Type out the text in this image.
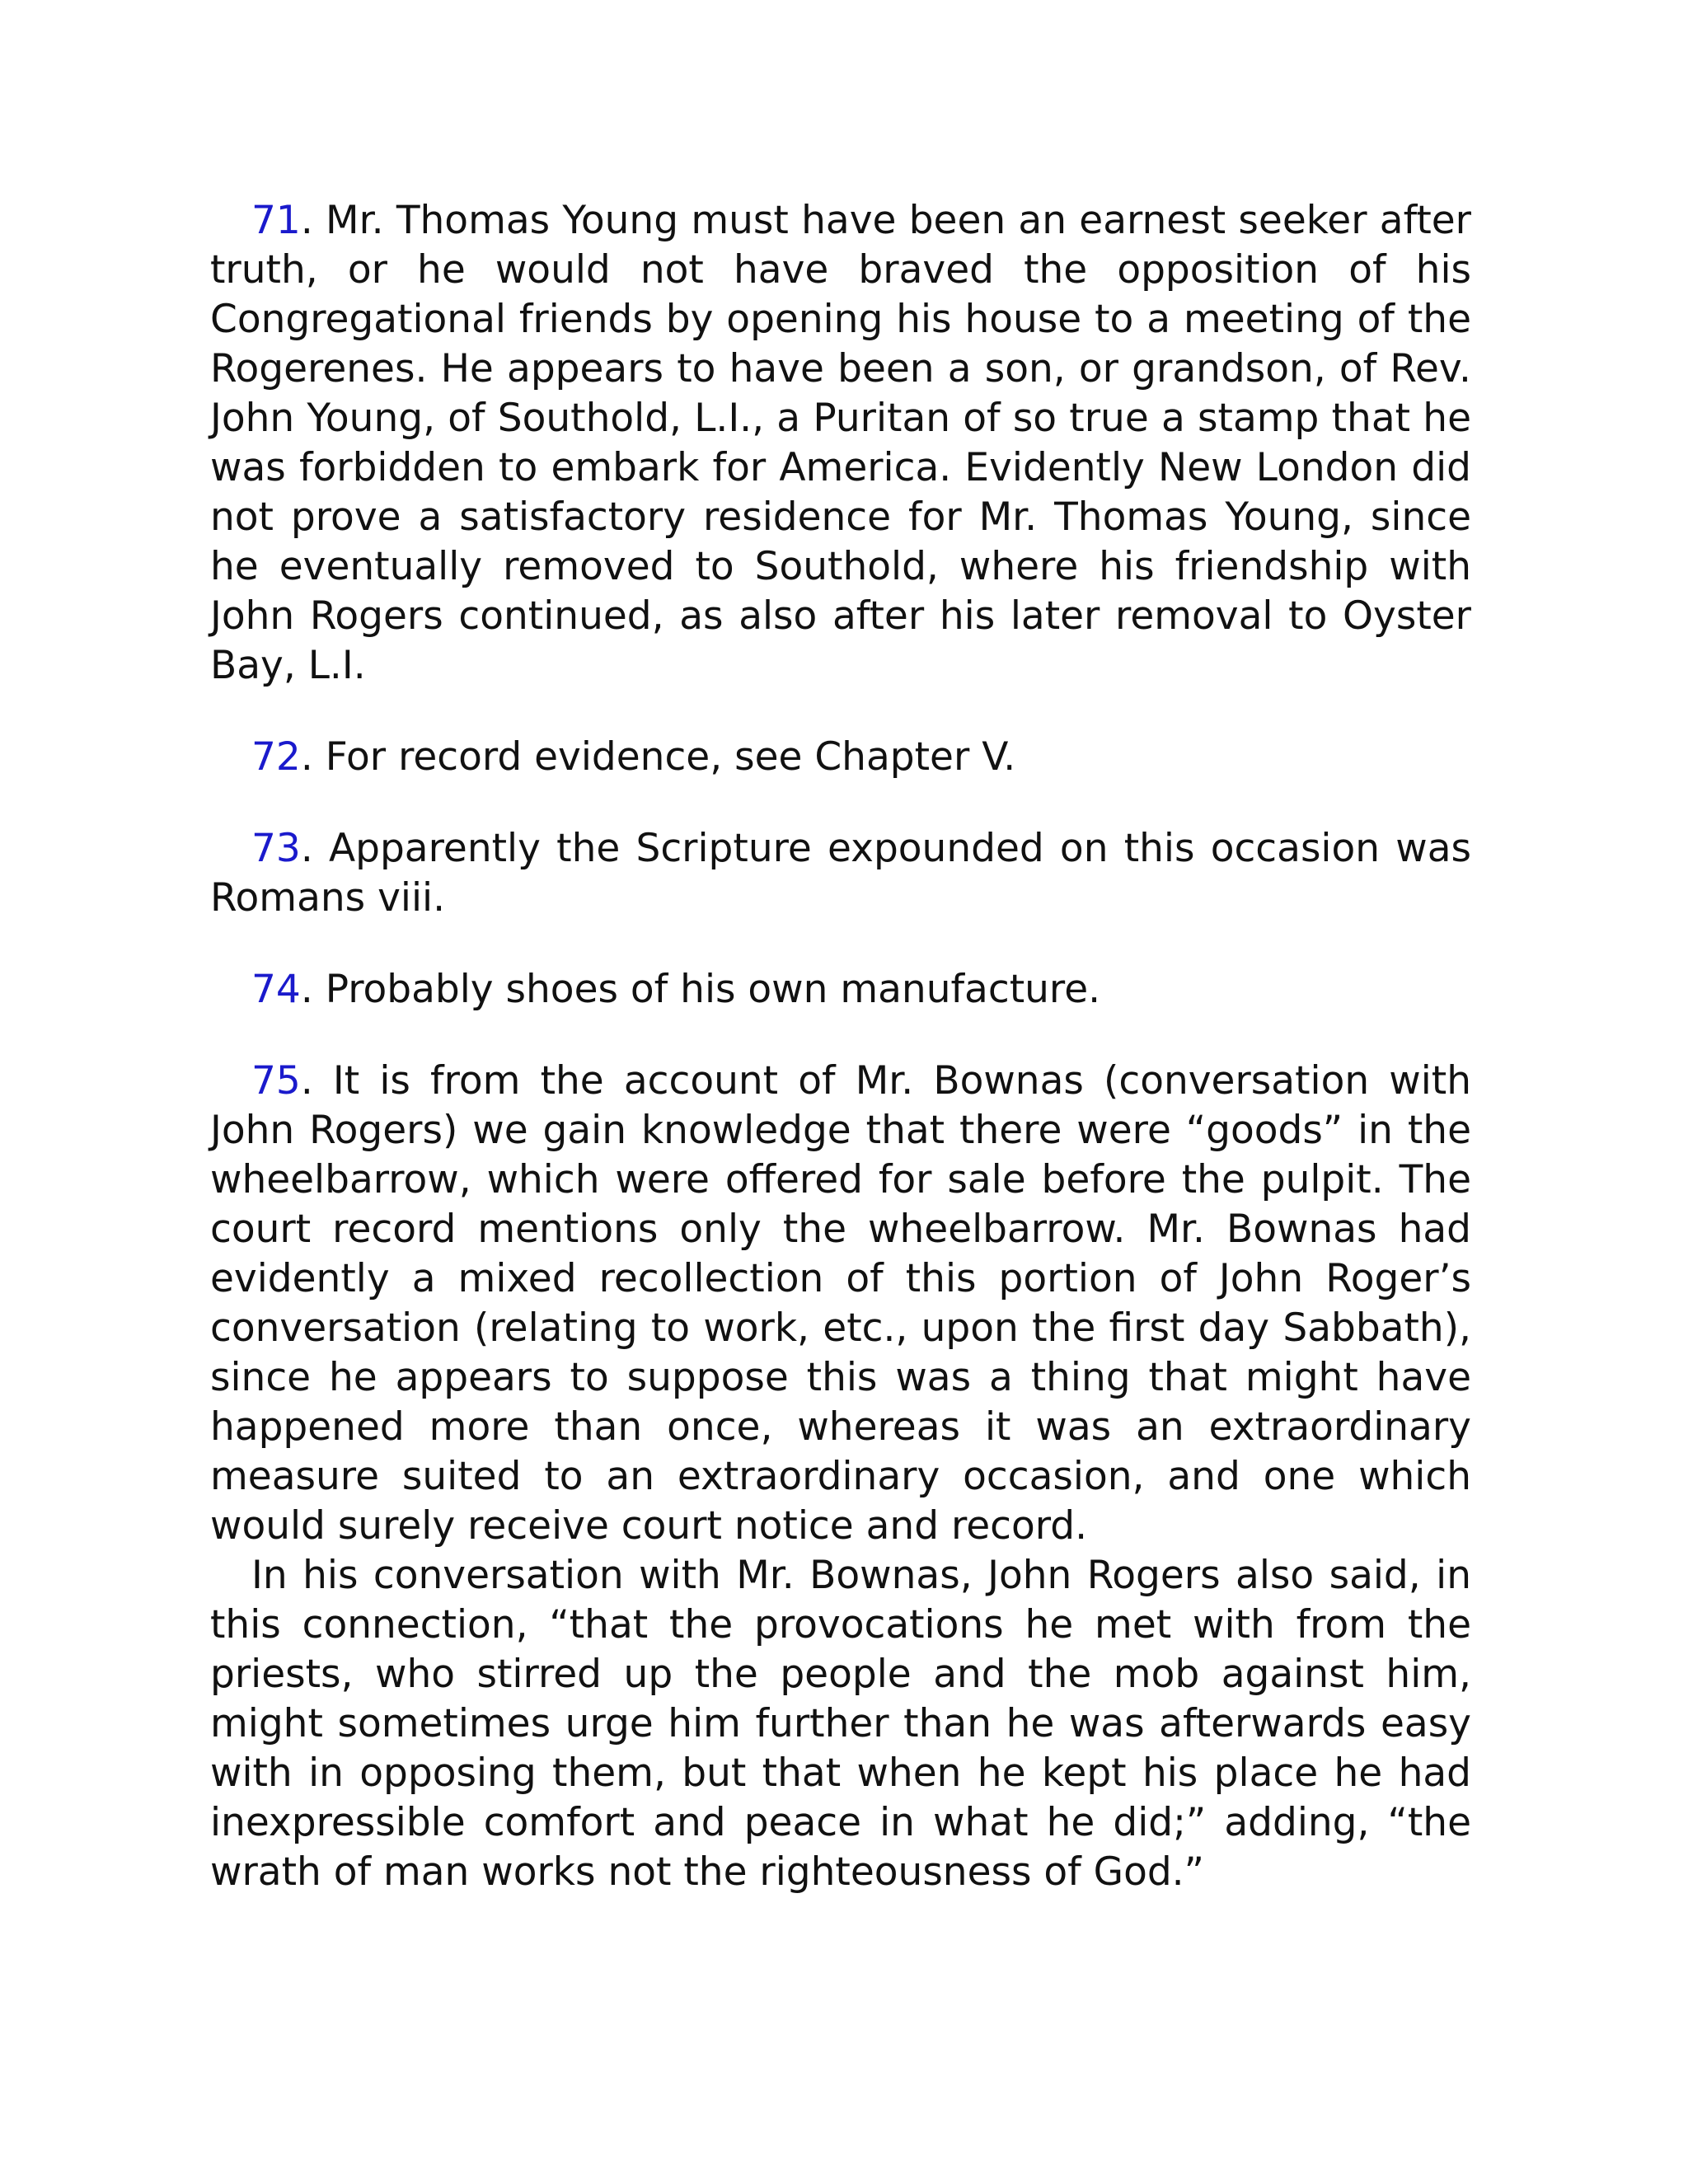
71. Mr. Thomas Young must have been an earnest seeker after truth, or he would not have braved the opposition of his Congregational friends by opening his house to a meeting of the Rogerenes. He appears to have been a son, or grandson, of Rev. John Young, of Southold, L.I., a Puritan of so true a stamp that he was forbidden to embark for America. Evidently New London did not prove a satisfactory residence for Mr. Thomas Young, since he eventually removed to Southold, where his friendship with John Rogers continued, as also after his later removal to Oyster Bay, L.I.

72. For record evidence, see Chapter V.

73. Apparently the Scripture expounded on this occasion was Romans viii.

74. Probably shoes of his own manufacture.

75. It is from the account of Mr. Bownas (conversation with John Rogers) we gain knowledge that there were “goods” in the wheelbarrow, which were offered for sale before the pulpit. The court record mentions only the wheelbarrow. Mr. Bownas had evidently a mixed recollection of this portion of John Roger’s conversation (relating to work, etc., upon the first day Sabbath), since he appears to suppose this was a thing that might have happened more than once, whereas it was an extraordinary measure suited to an extraordinary occasion, and one which would surely receive court notice and record.

In his conversation with Mr. Bownas, John Rogers also said, in this connection, “that the provocations he met with from the priests, who stirred up the people and the mob against him, might sometimes urge him further than he was afterwards easy with in opposing them, but that when he kept his place he had inexpressible comfort and peace in what he did;” adding, “the wrath of man works not the righteousness of God.”
